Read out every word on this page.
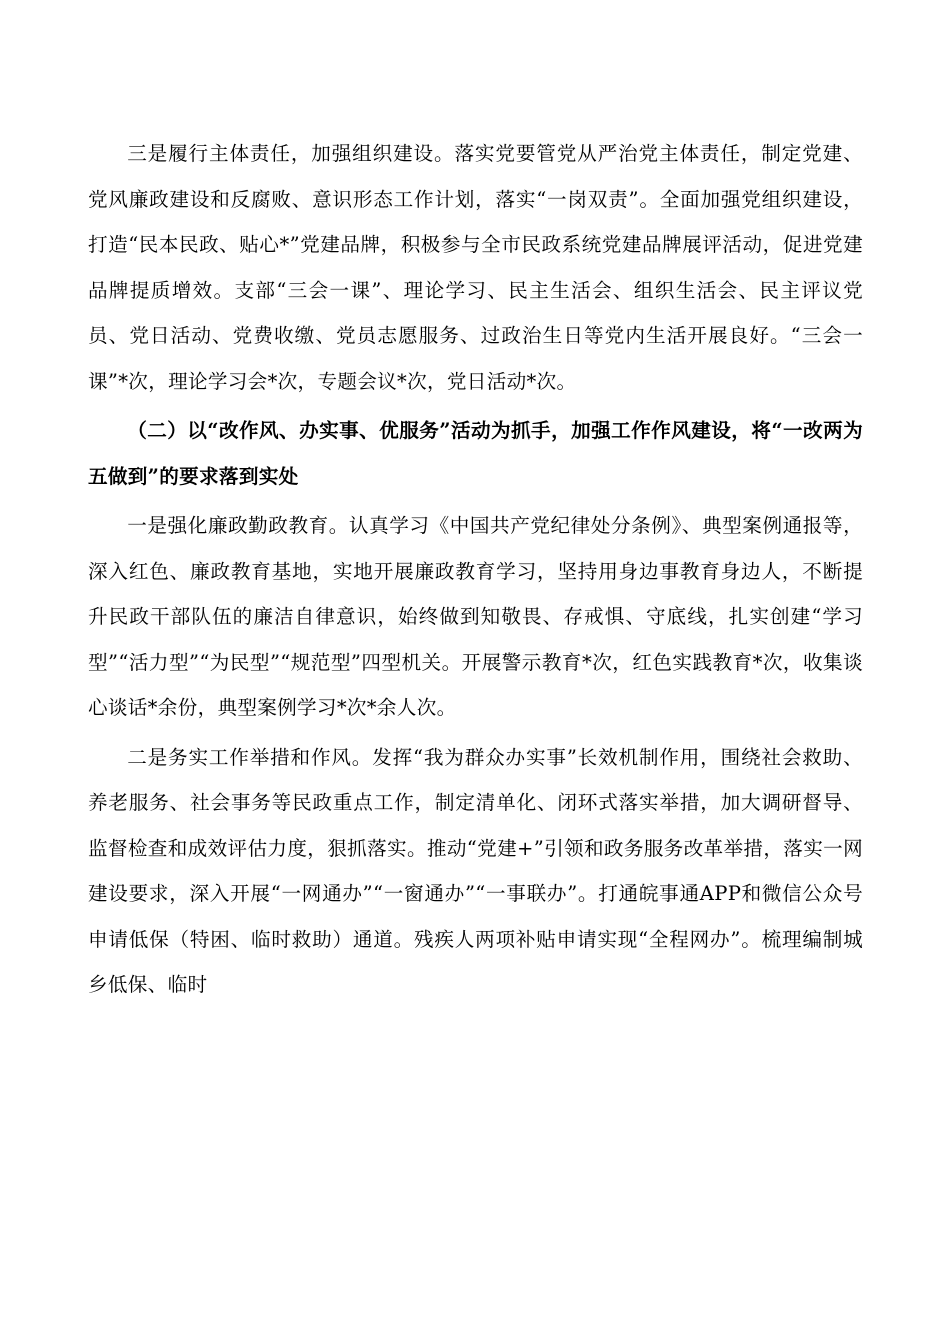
三是履行主体责任，加强组织建设。落实党要管党从严治党主体责任，制定党建、党风廉政建设和反腐败、意识形态工作计划，落实“一岗双责”。全面加强党组织建设，打造“民本民政、贴心*”党建品牌，积极参与全市民政系统党建品牌展评活动，促进党建品牌提质增效。支部“三会一课”、理论学习、民主生活会、组织生活会、民主评议党员、党日活动、党费收缴、党员志愿服务、过政治生日等党内生活开展良好。“三会一课”*次，理论学习会*次，专题会议*次，党日活动*次。

（二）以“改作风、办实事、优服务”活动为抓手，加强工作作风建设，将“一改两为五做到”的要求落到实处

一是强化廉政勤政教育。认真学习《中国共产党纪律处分条例》、典型案例通报等，深入红色、廉政教育基地，实地开展廉政教育学习，坚持用身边事教育身边人，不断提升民政干部队伍的廉洁自律意识，始终做到知敬畏、存戒惧、守底线，扎实创建“学习型”“活力型”“为民型”“规范型”四型机关。开展警示教育*次，红色实践教育*次，收集谈心谈话*余份，典型案例学习*次*余人次。

二是务实工作举措和作风。发挥“我为群众办实事”长效机制作用，围绕社会救助、养老服务、社会事务等民政重点工作，制定清单化、闭环式落实举措，加大调研督导、监督检查和成效评估力度，狠抓落实。推动“党建+”引领和政务服务改革举措，落实一网建设要求，深入开展“一网通办”“一窗通办”“一事联办”。打通皖事通APP和微信公众号申请低保（特困、临时救助）通道。残疾人两项补贴申请实现“全程网办”。梳理编制城乡低保、临时
